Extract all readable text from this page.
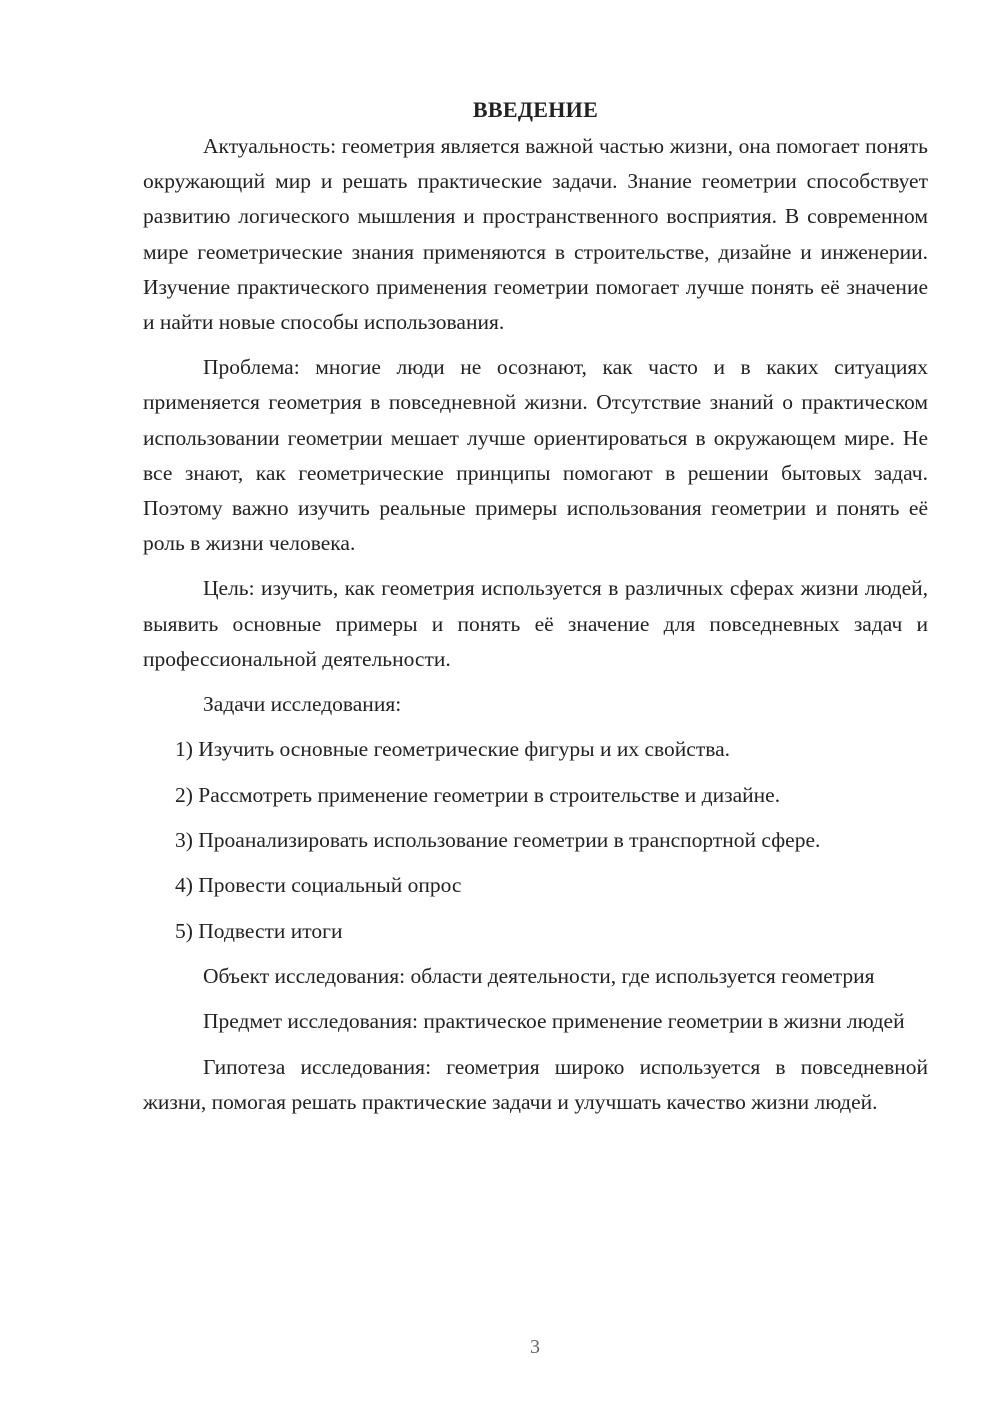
ВВЕДЕНИЕ

Актуальность: геометрия является важной частью жизни, она помогает понять окружающий мир и решать практические задачи. Знание геометрии способствует развитию логического мышления и пространственного восприятия. В современном мире геометрические знания применяются в строительстве, дизайне и инженерии. Изучение практического применения геометрии помогает лучше понять её значение и найти новые способы использования.

Проблема: многие люди не осознают, как часто и в каких ситуациях применяется геометрия в повседневной жизни. Отсутствие знаний о практическом использовании геометрии мешает лучше ориентироваться в окружающем мире. Не все знают, как геометрические принципы помогают в решении бытовых задач. Поэтому важно изучить реальные примеры использования геометрии и понять её роль в жизни человека.

Цель: изучить, как геометрия используется в различных сферах жизни людей, выявить основные примеры и понять её значение для повседневных задач и профессиональной деятельности.

Задачи исследования:

1) Изучить основные геометрические фигуры и их свойства.
2) Рассмотреть применение геометрии в строительстве и дизайне.
3) Проанализировать использование геометрии в транспортной сфере.
4) Провести социальный опрос
5) Подвести итоги

Объект исследования: области деятельности, где используется геометрия

Предмет исследования: практическое применение геометрии в жизни людей

Гипотеза исследования: геометрия широко используется в повседневной жизни, помогая решать практические задачи и улучшать качество жизни людей.

3
